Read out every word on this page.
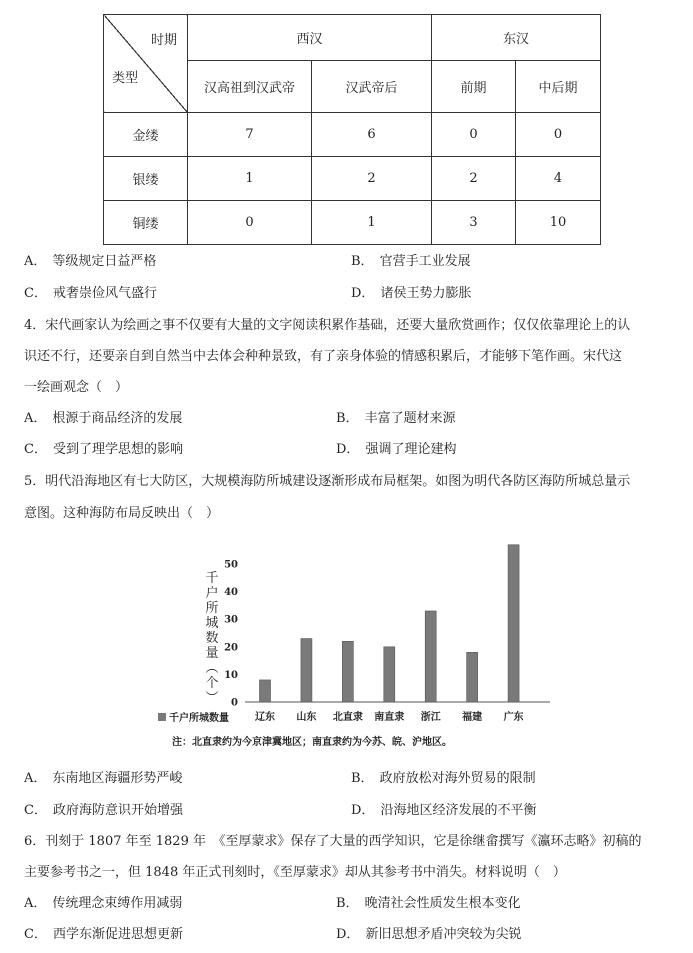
时期
类型	西汉		东汉	
	汉高祖到汉武帝	汉武帝后	前期	中后期
金缕	7	6	0	0
银缕	1	2	2	4
铜缕	0	1	3	10
A． 等级规定日益严格	B． 官营手工业发展
C． 戒奢崇俭风气盛行	D． 诸侯王势力膨胀
4．宋代画家认为绘画之事不仅要有大量的文字阅读积累作基础，还要大量欣赏画作；仅仅依靠理论上的认
识还不行，还要亲自到自然当中去体会种种景致，有了亲身体验的情感积累后，才能够下笔作画。宋代这
一绘画观念（　）
A． 根源于商品经济的发展	B． 丰富了题材来源
C． 受到了理学思想的影响	D． 强调了理论建构
5．明代沿海地区有七大防区，大规模海防所城建设逐渐形成布局框架。如图为明代各防区海防所城总量示
意图。这种海防布局反映出（　）
千
户
所
城
数
量
︵
个
︶ 0
10
20
30
40
50
辽东 山东 北直隶 南直隶 浙江 福建 广东
千户所城数量
注：北直隶约为今京津冀地区；南直隶约为今苏、皖、沪地区。
A． 东南地区海疆形势严峻	B． 政府放松对海外贸易的限制
C． 政府海防意识开始增强	D． 沿海地区经济发展的不平衡
6．刊刻于 1807 年至 1829 年　《至厚蒙求》保存了大量的西学知识，它是徐继畲撰写《瀛环志略》初稿的
主要参考书之一，但 1848 年正式刊刻时，《至厚蒙求》却从其参考书中消失。材料说明（　）
A． 传统理念束缚作用减弱	B． 晚清社会性质发生根本变化
C． 西学东渐促进思想更新	D． 新旧思想矛盾冲突较为尖锐
